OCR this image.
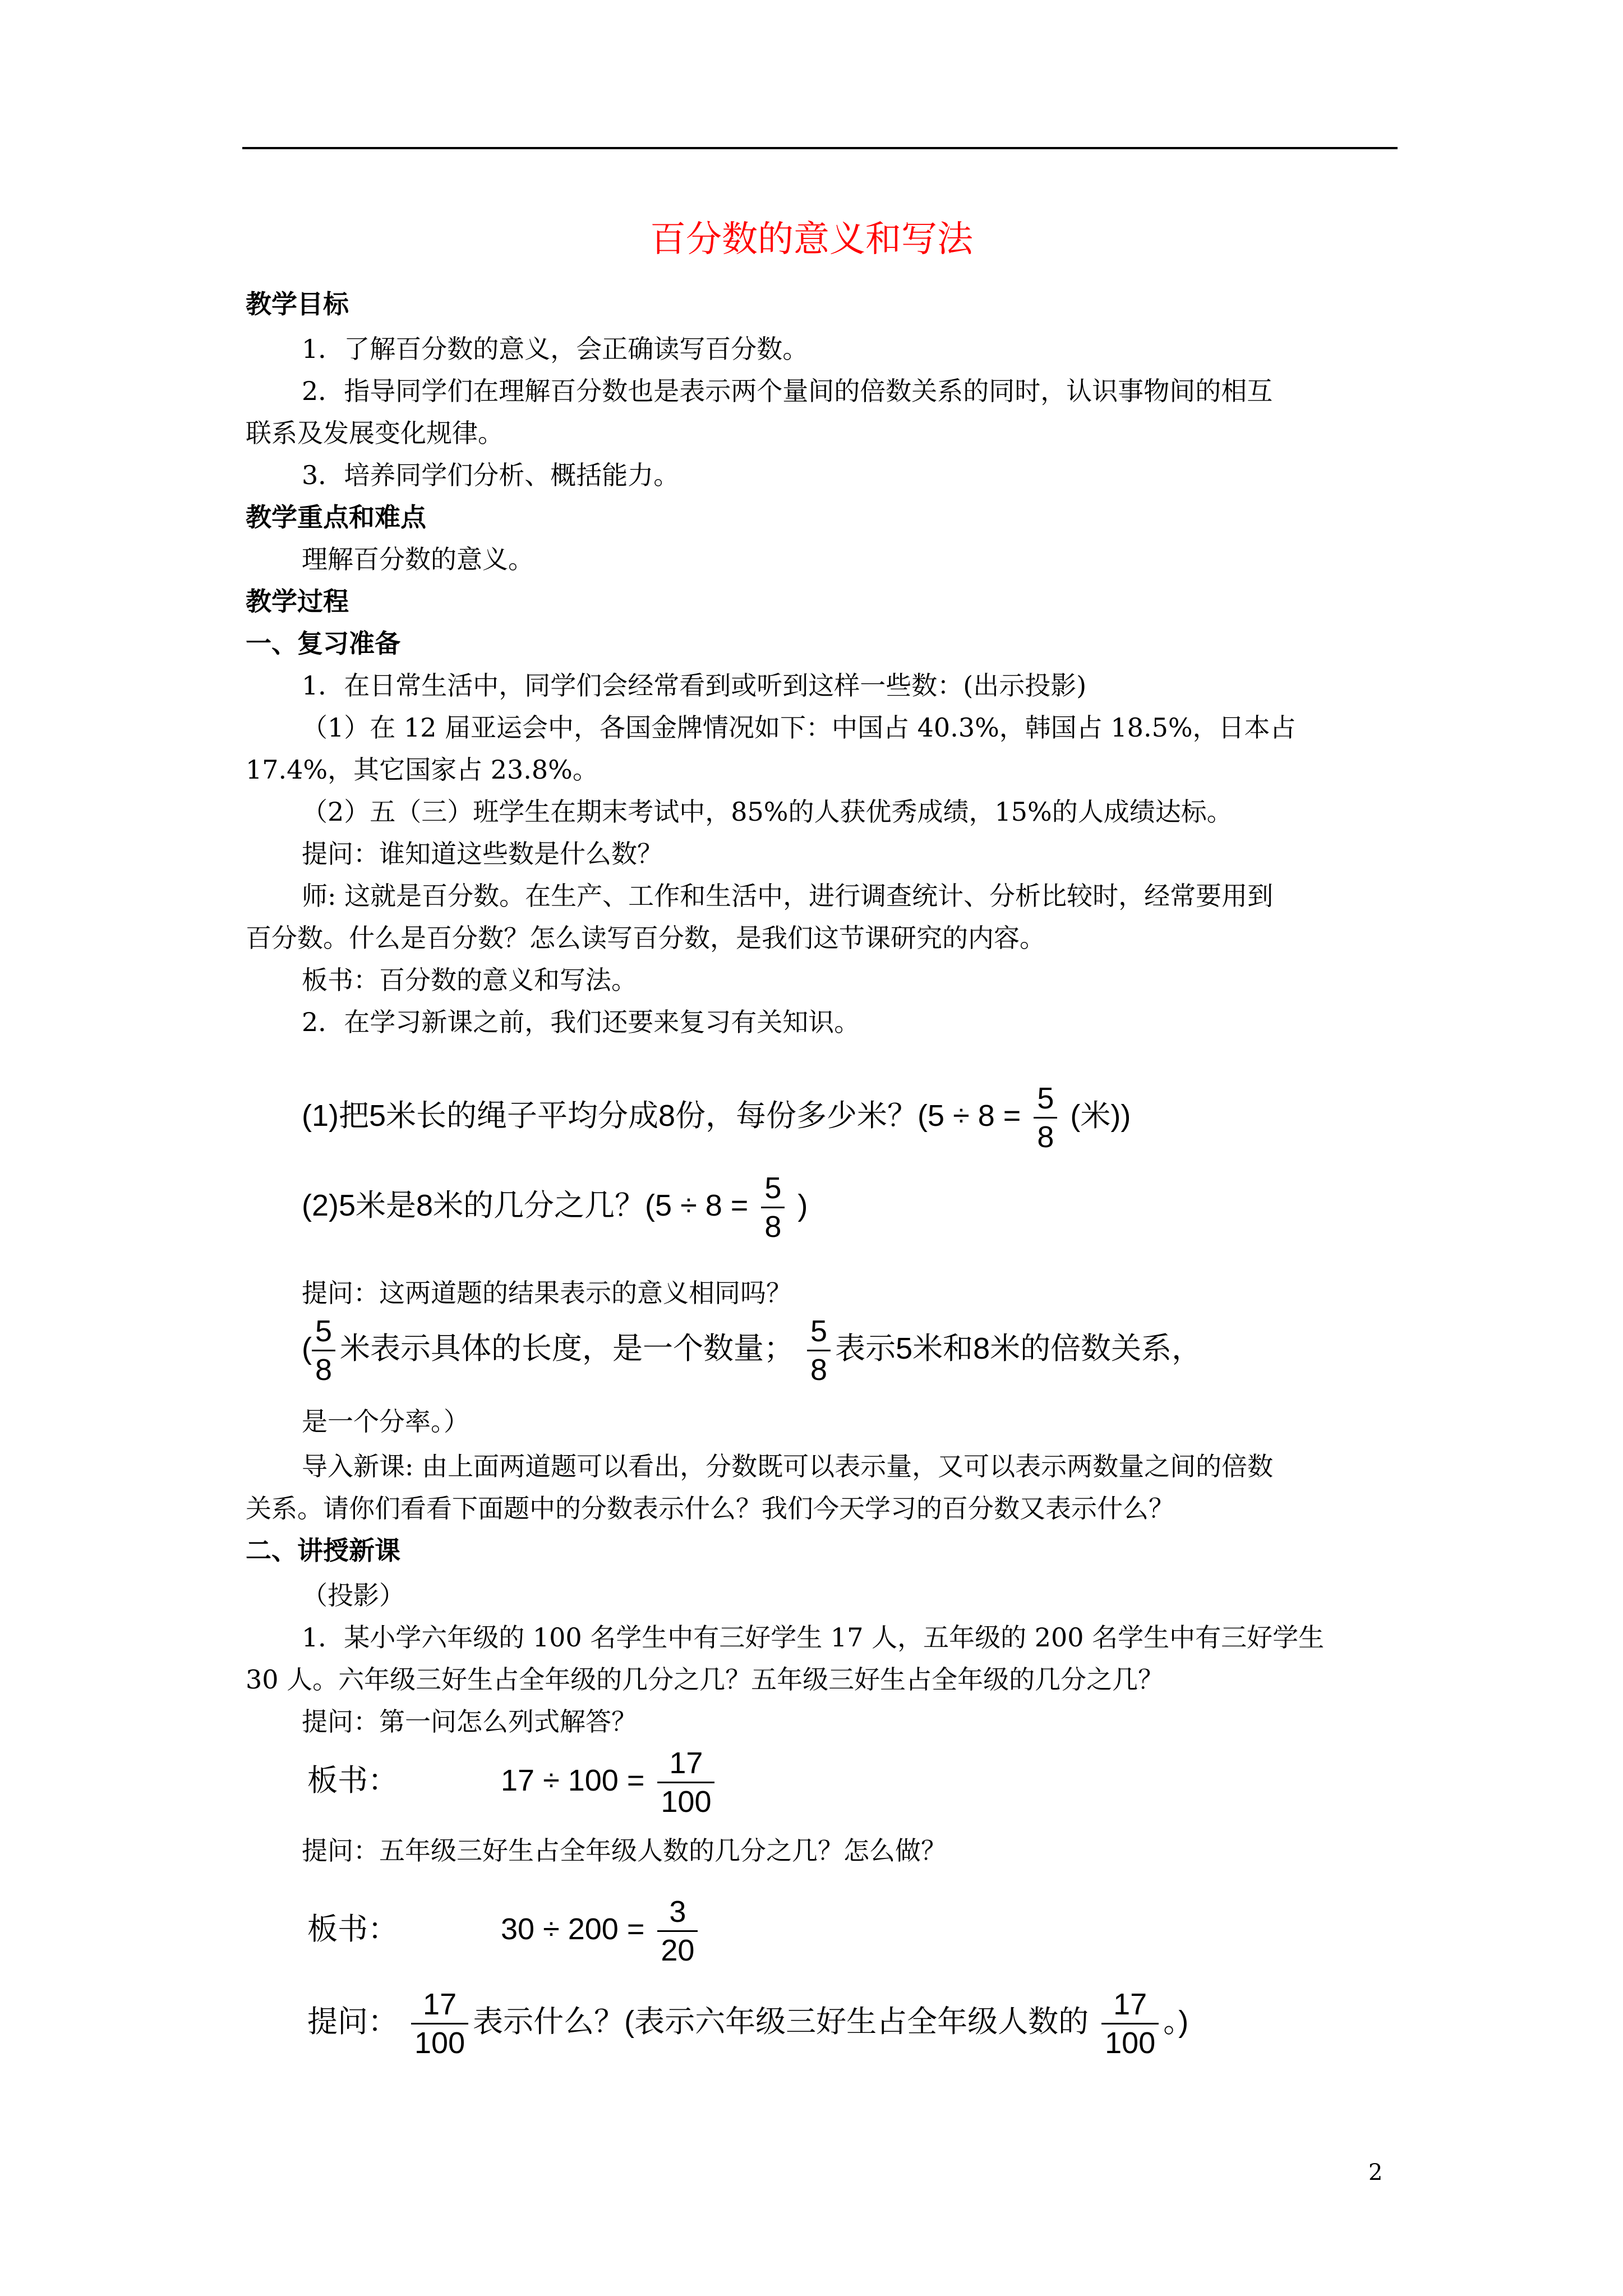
百分数的意义和写法
教学目标
1．了解百分数的意义，会正确读写百分数。
2．指导同学们在理解百分数也是表示两个量间的倍数关系的同时，认识事物间的相互
联系及发展变化规律。
3．培养同学们分析、概括能力。
教学重点和难点
理解百分数的意义。
教学过程
一、复习准备
1．在日常生活中，同学们会经常看到或听到这样一些数：(出示投影)
（1）在 12 届亚运会中，各国金牌情况如下：中国占 40.3%，韩国占 18.5%，日本占
17.4%，其它国家占 23.8%。
（2）五（三）班学生在期末考试中，85%的人获优秀成绩，15%的人成绩达标。
提问：谁知道这些数是什么数？
师: 这就是百分数。在生产、工作和生活中，进行调查统计、分析比较时，经常要用到
百分数。什么是百分数？怎么读写百分数，是我们这节课研究的内容。
板书：百分数的意义和写法。
2．在学习新课之前，我们还要来复习有关知识。
(1)把5米长的绳子平均分成8份，每份多少米？($5 \div 8 = \frac{5}{8}$ (米))
(2)5米是8米的几分之几？($5 \div 8 = \frac{5}{8}$ )
提问：这两道题的结果表示的意义相同吗？
( $\frac{5}{8}$ 米表示具体的长度，是一个数量； $\frac{5}{8}$ 表示5米和8米的倍数关系，
是一个分率。）
导入新课: 由上面两道题可以看出，分数既可以表示量，又可以表示两数量之间的倍数
关系。请你们看看下面题中的分数表示什么？我们今天学习的百分数又表示什么？
二、讲授新课
（投影）
1．某小学六年级的 100 名学生中有三好学生 17 人，五年级的 200 名学生中有三好学生
30 人。六年级三好生占全年级的几分之几？五年级三好生占全年级的几分之几？
提问：第一问怎么列式解答？
板书：	$17 \div 100 = \frac{17}{100}$
提问：五年级三好生占全年级人数的几分之几？怎么做？
板书：	$30 \div 200 = \frac{3}{20}$
提问： $\frac{17}{100}$ 表示什么？(表示六年级三好生占全年级人数的 $\frac{17}{100}$ 。)
2
